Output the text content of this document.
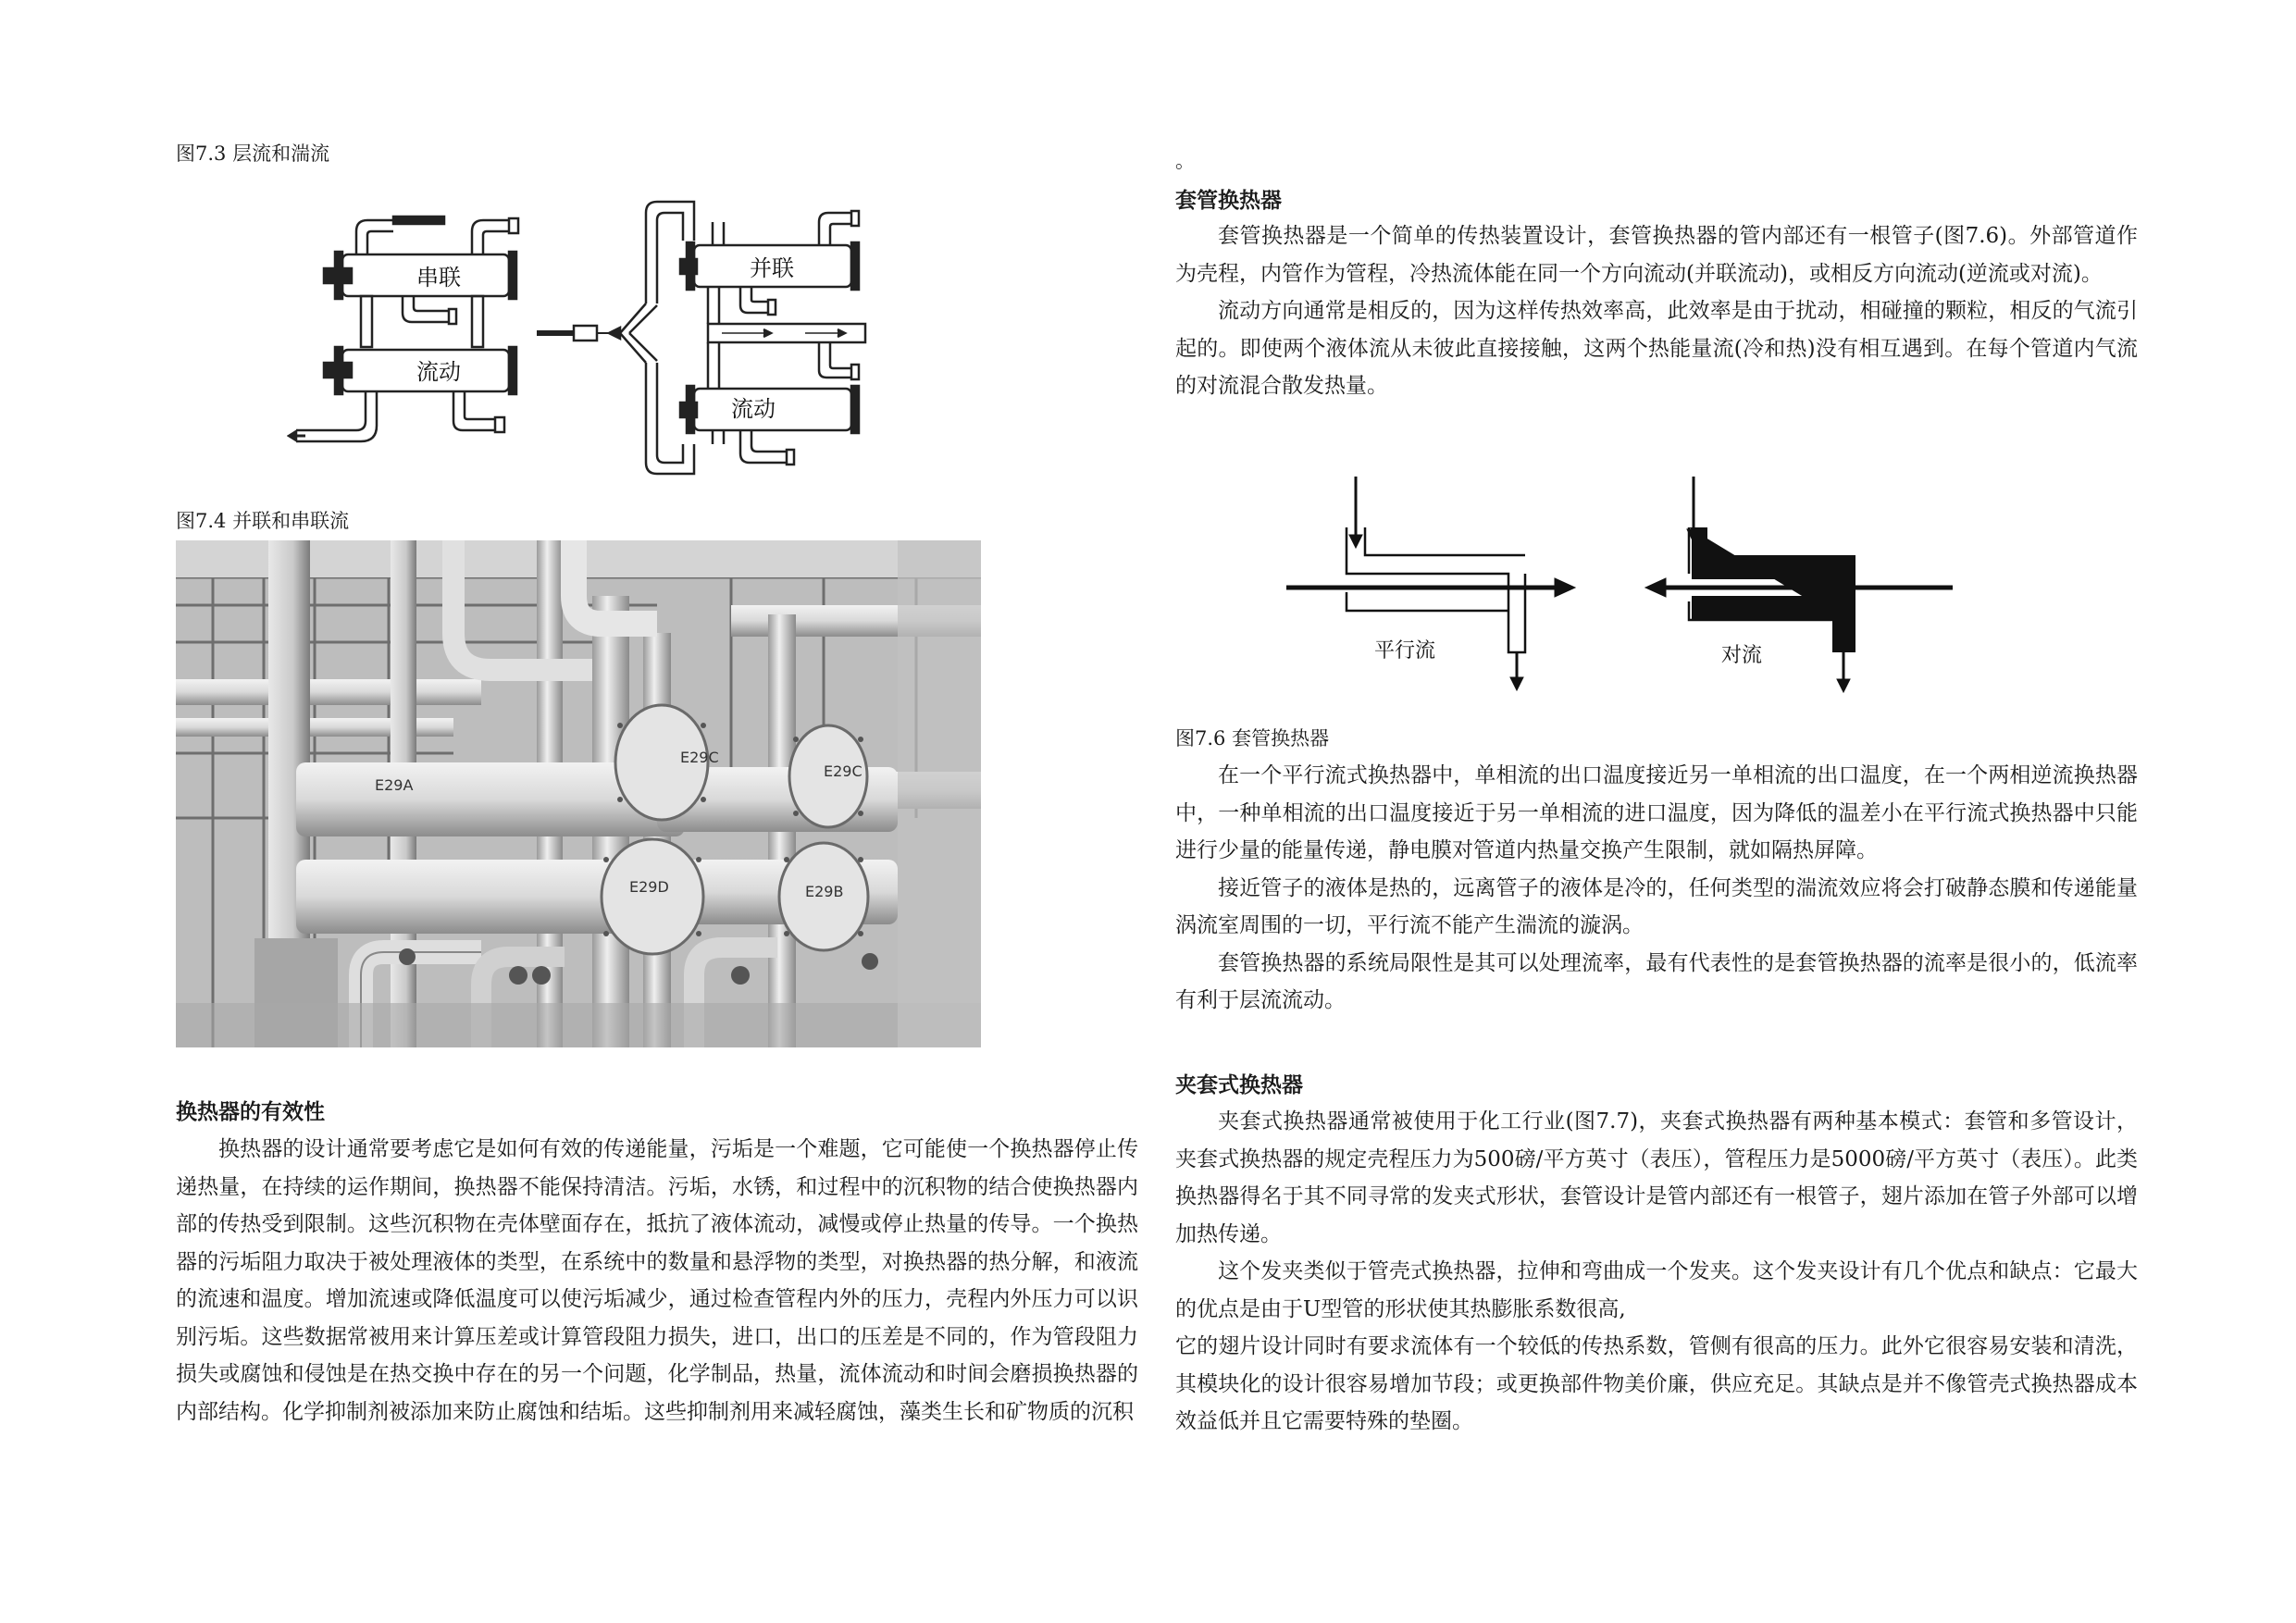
图7.3 层流和湍流
串联
流动
并联
流动
图7.4 并联和串联流
E29C
E29D
E29C
E29B
E29A
换热器的有效性

换热器的设计通常要考虑它是如何有效的传递能量，污垢是一个难题，它可能使一个换热器停止传递热量，在持续的运作期间，换热器不能保持清洁。污垢，水锈，和过程中的沉积物的结合使换热器内部的传热受到限制。这些沉积物在壳体壁面存在，抵抗了液体流动，减慢或停止热量的传导。一个换热器的污垢阻力取决于被处理液体的类型，在系统中的数量和悬浮物的类型，对换热器的热分解，和液流的流速和温度。增加流速或降低温度可以使污垢减少，通过检查管程内外的压力，壳程内外压力可以识别污垢。这些数据常被用来计算压差或计算管段阻力损失，进口，出口的压差是不同的，作为管段阻力损失或腐蚀和侵蚀是在热交换中存在的另一个问题，化学制品，热量，流体流动和时间会磨损换热器的内部结构。化学抑制剂被添加来防止腐蚀和结垢。这些抑制剂用来减轻腐蚀，藻类生长和矿物质的沉积

。
套管换热器

套管换热器是一个简单的传热装置设计，套管换热器的管内部还有一根管子(图7.6)。外部管道作为壳程，内管作为管程，冷热流体能在同一个方向流动(并联流动)，或相反方向流动(逆流或对流)。

流动方向通常是相反的，因为这样传热效率高，此效率是由于扰动，相碰撞的颗粒，相反的气流引起的。即使两个液体流从未彼此直接接触，这两个热能量流(冷和热)没有相互遇到。在每个管道内气流的对流混合散发热量。

平行流	对流
图7.6 套管换热器

在一个平行流式换热器中，单相流的出口温度接近另一单相流的出口温度，在一个两相逆流换热器中，一种单相流的出口温度接近于另一单相流的进口温度，因为降低的温差小在平行流式换热器中只能进行少量的能量传递，静电膜对管道内热量交换产生限制，就如隔热屏障。

接近管子的液体是热的，远离管子的液体是冷的，任何类型的湍流效应将会打破静态膜和传递能量涡流室周围的一切，平行流不能产生湍流的漩涡。

套管换热器的系统局限性是其可以处理流率，最有代表性的是套管换热器的流率是很小的，低流率有利于层流流动。

夹套式换热器

夹套式换热器通常被使用于化工行业(图7.7)，夹套式换热器有两种基本模式：套管和多管设计，夹套式换热器的规定壳程压力为500磅/平方英寸（表压），管程压力是5000磅/平方英寸（表压）。此类换热器得名于其不同寻常的发夹式形状，套管设计是管内部还有一根管子，翅片添加在管子外部可以增加热传递。

这个发夹类似于管壳式换热器，拉伸和弯曲成一个发夹。这个发夹设计有几个优点和缺点：它最大的优点是由于U型管的形状使其热膨胀系数很高,

它的翅片设计同时有要求流体有一个较低的传热系数，管侧有很高的压力。此外它很容易安装和清洗，其模块化的设计很容易增加节段；或更换部件物美价廉，供应充足。其缺点是并不像管壳式换热器成本效益低并且它需要特殊的垫圈。
